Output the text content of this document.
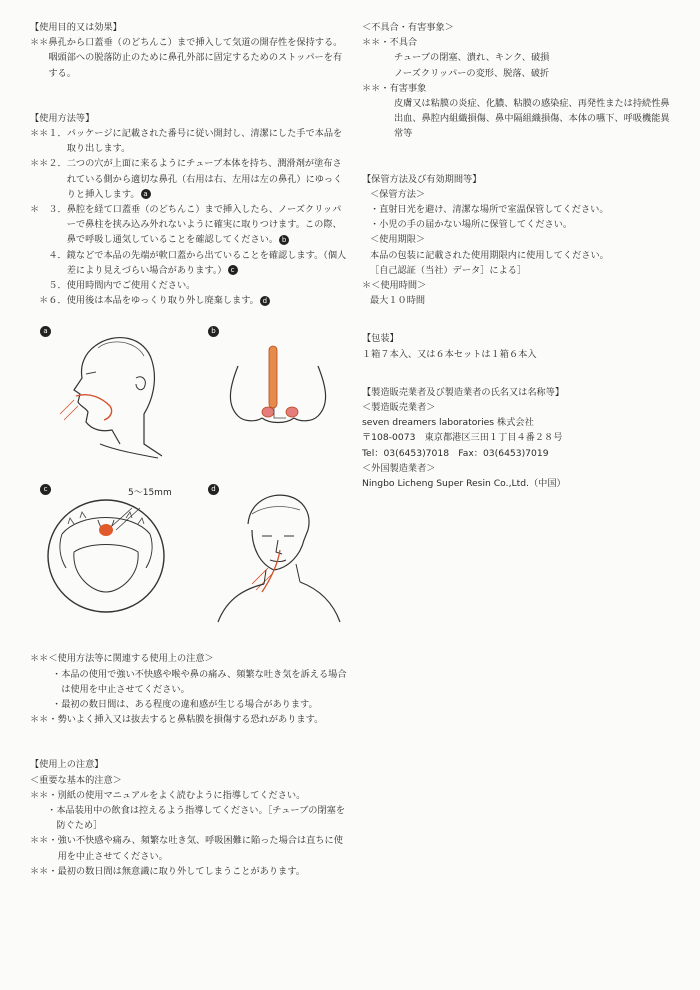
【使用目的又は効果】
＊＊ 鼻孔から口蓋垂（のどちんこ）まで挿入して気道の開存性を保持する。咽頭部への脱落防止のために鼻孔外部に固定するためのストッパーを有する。
【使用方法等】
＊＊１． パッケージに記載された番号に従い開封し、清潔にした手で本品を取り出します。
＊＊２． 二つの穴が上面に来るようにチューブ本体を持ち、潤滑剤が塗布されている側から適切な鼻孔（右用は右、左用は左の鼻孔）にゆっくりと挿入します。 a
＊　３． 鼻腔を経て口蓋垂（のどちんこ）まで挿入したら、ノーズクリッパーで鼻柱を挟み込み外れないように確実に取りつけます。この際、鼻で呼吸し通気していることを確認してください。 b
　　４． 鏡などで本品の先端が軟口蓋から出ていることを確認します。（個人差により見えづらい場合があります。） c
　　５． 使用時間内でご使用ください。
　＊６． 使用後は本品をゆっくり取り外し廃棄します。 d
a	b
c	5～15mm	d
＊＊＜使用方法等に関連する使用上の注意＞
・ 本品の使用で強い不快感や喉や鼻の痛み、頻繁な吐き気を訴える場合は使用を中止させてください。
・ 最初の数日間は、ある程度の違和感が生じる場合があります。
＊＊・ 勢いよく挿入又は抜去すると鼻粘膜を損傷する恐れがあります。
【使用上の注意】
＜重要な基本的注意＞
＊＊・ 別紙の使用マニュアルをよく読むように指導してください。
　・ 本品装用中の飲食は控えるよう指導してください。［チューブの閉塞を防ぐため］
＊＊・ 強い不快感や痛み、頻繁な吐き気、呼吸困難に陥った場合は直ちに使用を中止させてください。
＊＊・ 最初の数日間は無意識に取り外してしまうことがあります。
＜不具合・有害事象＞
＊＊・不具合
チューブの閉塞、潰れ、キンク、破損
ノーズクリッパーの変形、脱落、破折
＊＊・有害事象
皮膚又は粘膜の炎症、化膿、粘膜の感染症、再発性または持続性鼻出血、鼻腔内組織損傷、鼻中隔組織損傷、本体の嚥下、呼吸機能異常等
【保管方法及び有効期間等】
＜保管方法＞
・直射日光を避け、清潔な場所で室温保管してください。
・小児の手の届かない場所に保管してください。
＜使用期限＞
本品の包装に記載された使用期限内に使用してください。
［自己認証（当社）データ］による］
＊＜使用時間＞
最大１０時間
【包装】
１箱７本入、又は６本セットは１箱６本入
【製造販売業者及び製造業者の氏名又は名称等】
＜製造販売業者＞
seven dreamers laboratories 株式会社
〒108-0073　東京都港区三田１丁目４番２８号
Tel：03(6453)7018　Fax：03(6453)7019
＜外国製造業者＞
Ningbo Licheng Super Resin Co.,Ltd.（中国）
